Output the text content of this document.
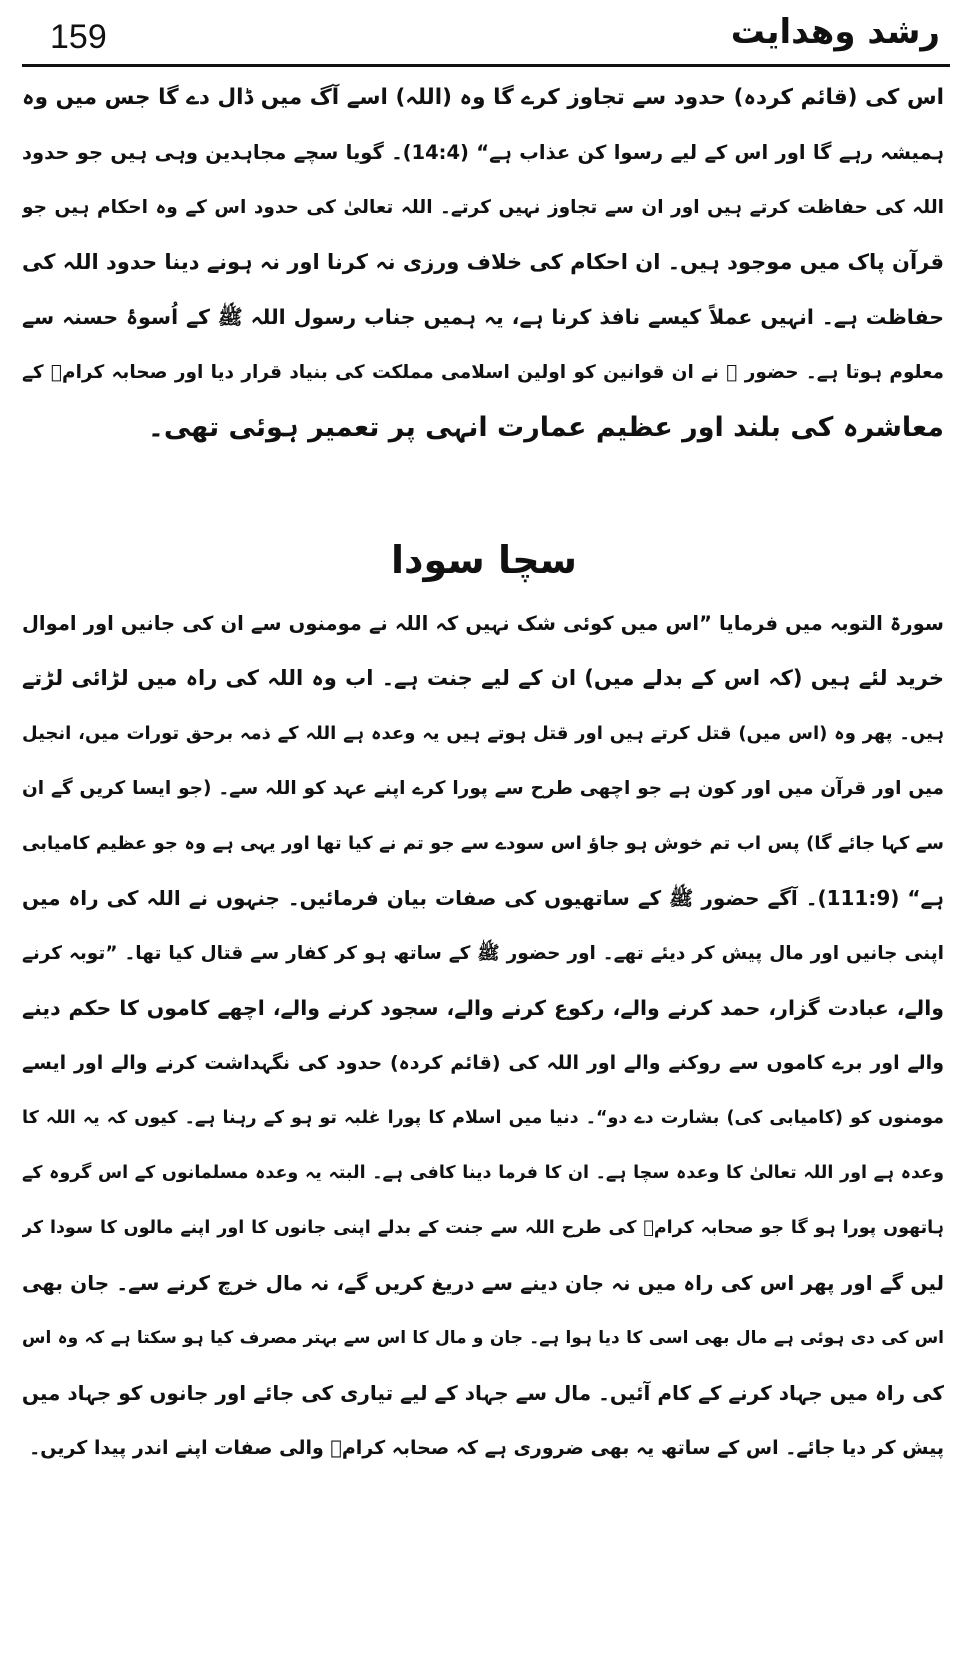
159	رشد وهدایت
اس کی (قائم کردہ) حدود سے تجاوز کرے گا وہ (اللہ) اسے آگ میں ڈال دے گا جس میں وہ
ہمیشہ رہے گا اور اس کے لیے رسوا کن عذاب ہے“ (14:4)۔ گویا سچے مجاہدین وہی ہیں جو حدود
اللہ کی حفاظت کرتے ہیں اور ان سے تجاوز نہیں کرتے۔ اللہ تعالیٰ کی حدود اس کے وہ احکام ہیں جو
قرآن پاک میں موجود ہیں۔ ان احکام کی خلاف ورزی نہ کرنا اور نہ ہونے دینا حدود اللہ کی
حفاظت ہے۔ انہیں عملاً کیسے نافذ کرنا ہے، یہ ہمیں جناب رسول اللہ ﷺ کے اُسوۂ حسنہ سے
معلوم ہوتا ہے۔ حضور ﷺ نے ان قوانین کو اولین اسلامی مملکت کی بنیاد قرار دیا اور صحابہ کرامؓ کے
معاشرہ کی بلند اور عظیم عمارت انہی پر تعمیر ہوئی تھی۔
سچا سودا
سورۃ التوبہ میں فرمایا ”اس میں کوئی شک نہیں کہ اللہ نے مومنوں سے ان کی جانیں اور اموال
خرید لئے ہیں (کہ اس کے بدلے میں) ان کے لیے جنت ہے۔ اب وہ اللہ کی راہ میں لڑائی لڑتے
ہیں۔ پھر وہ (اس میں) قتل کرتے ہیں اور قتل ہوتے ہیں یہ وعدہ ہے اللہ کے ذمہ برحق تورات میں، انجیل
میں اور قرآن میں اور کون ہے جو اچھی طرح سے پورا کرے اپنے عہد کو اللہ سے۔ (جو ایسا کریں گے ان
سے کہا جائے گا) پس اب تم خوش ہو جاؤ اس سودے سے جو تم نے کیا تھا اور یہی ہے وہ جو عظیم کامیابی
ہے“ (111:9)۔ آگے حضور ﷺ کے ساتھیوں کی صفات بیان فرمائیں۔ جنہوں نے اللہ کی راہ میں
اپنی جانیں اور مال پیش کر دیئے تھے۔ اور حضور ﷺ کے ساتھ ہو کر کفار سے قتال کیا تھا۔ ”توبہ کرنے
والے، عبادت گزار، حمد کرنے والے، رکوع کرنے والے، سجود کرنے والے، اچھے کاموں کا حکم دینے
والے اور برے کاموں سے روکنے والے اور اللہ کی (قائم کردہ) حدود کی نگہداشت کرنے والے اور ایسے
مومنوں کو (کامیابی کی) بشارت دے دو“۔ دنیا میں اسلام کا پورا غلبہ تو ہو کے رہنا ہے۔ کیوں کہ یہ اللہ کا
وعدہ ہے اور اللہ تعالیٰ کا وعدہ سچا ہے۔ ان کا فرما دینا کافی ہے۔ البتہ یہ وعدہ مسلمانوں کے اس گروہ کے
ہاتھوں پورا ہو گا جو صحابہ کرامؓ کی طرح اللہ سے جنت کے بدلے اپنی جانوں کا اور اپنے مالوں کا سودا کر
لیں گے اور پھر اس کی راہ میں نہ جان دینے سے دریغ کریں گے، نہ مال خرچ کرنے سے۔ جان بھی
اس کی دی ہوئی ہے مال بھی اسی کا دیا ہوا ہے۔ جان و مال کا اس سے بہتر مصرف کیا ہو سکتا ہے کہ وہ اس
کی راہ میں جہاد کرنے کے کام آئیں۔ مال سے جہاد کے لیے تیاری کی جائے اور جانوں کو جہاد میں
پیش کر دیا جائے۔ اس کے ساتھ یہ بھی ضروری ہے کہ صحابہ کرامؓ والی صفات اپنے اندر پیدا کریں۔
